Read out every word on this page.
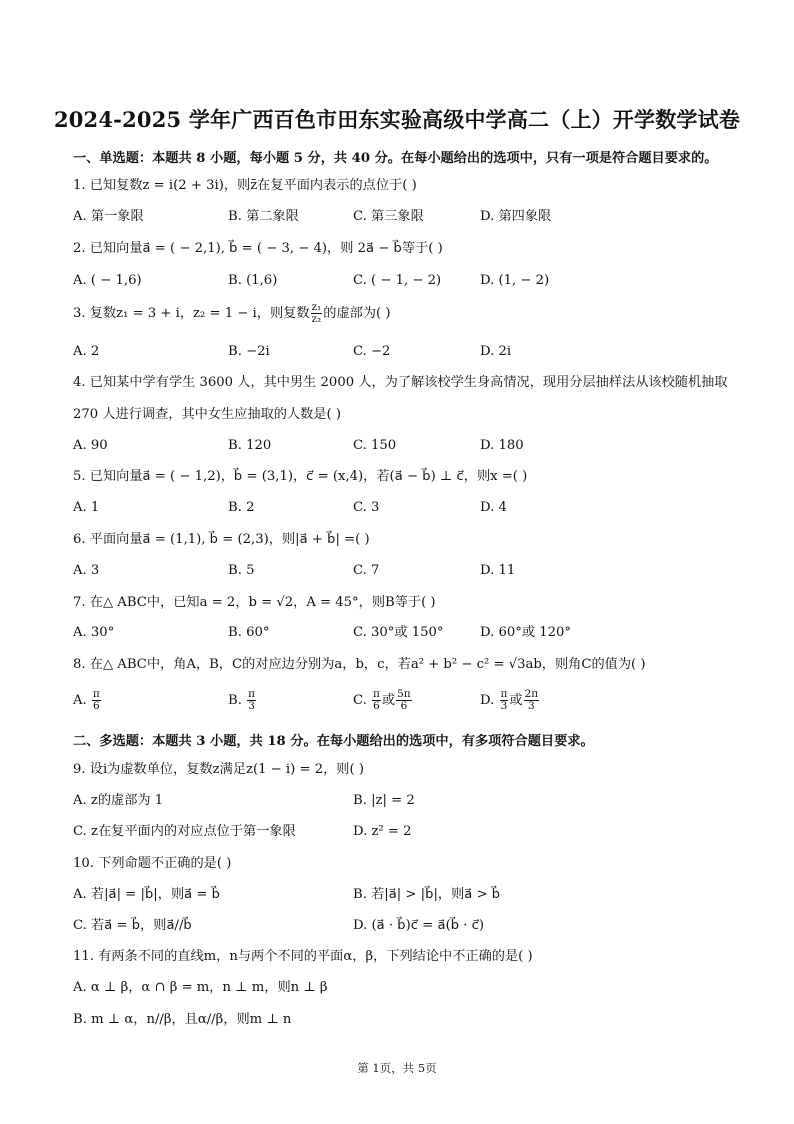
2024-2025 学年广西百色市田东实验高级中学高二（上）开学数学试卷
一、单选题：本题共 8 小题，每小题 5 分，共 40 分。在每小题给出的选项中，只有一项是符合题目要求的。
1. 已知复数z = i(2 + 3i)，则z̄在复平面内表示的点位于( )
A. 第一象限	B. 第二象限	C. 第三象限	D. 第四象限
2. 已知向量a⃗ = ( − 2,1), b⃗ = ( − 3, − 4)，则 2a⃗ − b⃗等于( )
A. ( − 1,6)	B. (1,6)	C. ( − 1, − 2)	D. (1, − 2)
3. 复数z₁ = 3 + i，z₂ = 1 − i，则复数 $\frac{\text{z₁}}{\text{z₂}}$ 的虚部为( )
A. 2	B. −2i	C. −2	D. 2i
4. 已知某中学有学生 3600 人，其中男生 2000 人，为了解该校学生身高情况，现用分层抽样法从该校随机抽取 270 人进行调查，其中女生应抽取的人数是( )
A. 90	B. 120	C. 150	D. 180
5. 已知向量a⃗ = ( − 1,2)，b⃗ = (3,1)，c⃗ = (x,4)，若(a⃗ − b⃗) ⊥ c⃗，则x =( )
A. 1	B. 2	C. 3	D. 4
6. 平面向量a⃗ = (1,1), b⃗ = (2,3)，则|a⃗ + b⃗| =( )
A. 3	B. 5	C. 7	D. 11
7. 在△ ABC中，已知a = 2，b = √2，A = 45°，则B等于( )
A. 30°	B. 60°	C. 30°或 150°	D. 60°或 120°
8. 在△ ABC中，角A，B，C的对应边分别为a，b，c，若a² + b² − c² = √3ab，则角C的值为( )
A. $\frac{\pi}{6}$	B. $\frac{\pi}{3}$	C. $\frac{\pi}{6}$ 或 $\frac{5\pi}{6}$	D. $\frac{\pi}{3}$ 或 $\frac{2\pi}{3}$
二、多选题：本题共 3 小题，共 18 分。在每小题给出的选项中，有多项符合题目要求。
9. 设i为虚数单位，复数z满足z(1 − i) = 2，则( )
A. z的虚部为 1	B. |z| = 2
C. z在复平面内的对应点位于第一象限	D. z² = 2
10. 下列命题不正确的是( )
A. 若|a⃗| = |b⃗|，则a⃗ = b⃗	B. 若|a⃗| > |b⃗|，则a⃗ > b⃗
C. 若a⃗ = b⃗，则a⃗//b⃗	D. (a⃗ · b⃗)c⃗ = a⃗(b⃗ · c⃗)
11. 有两条不同的直线m，n与两个不同的平面α，β，下列结论中不正确的是( )
A. α ⊥ β，α ∩ β = m，n ⊥ m，则n ⊥ β
B. m ⊥ α，n//β，且α//β，则m ⊥ n
第 1页，共 5页
